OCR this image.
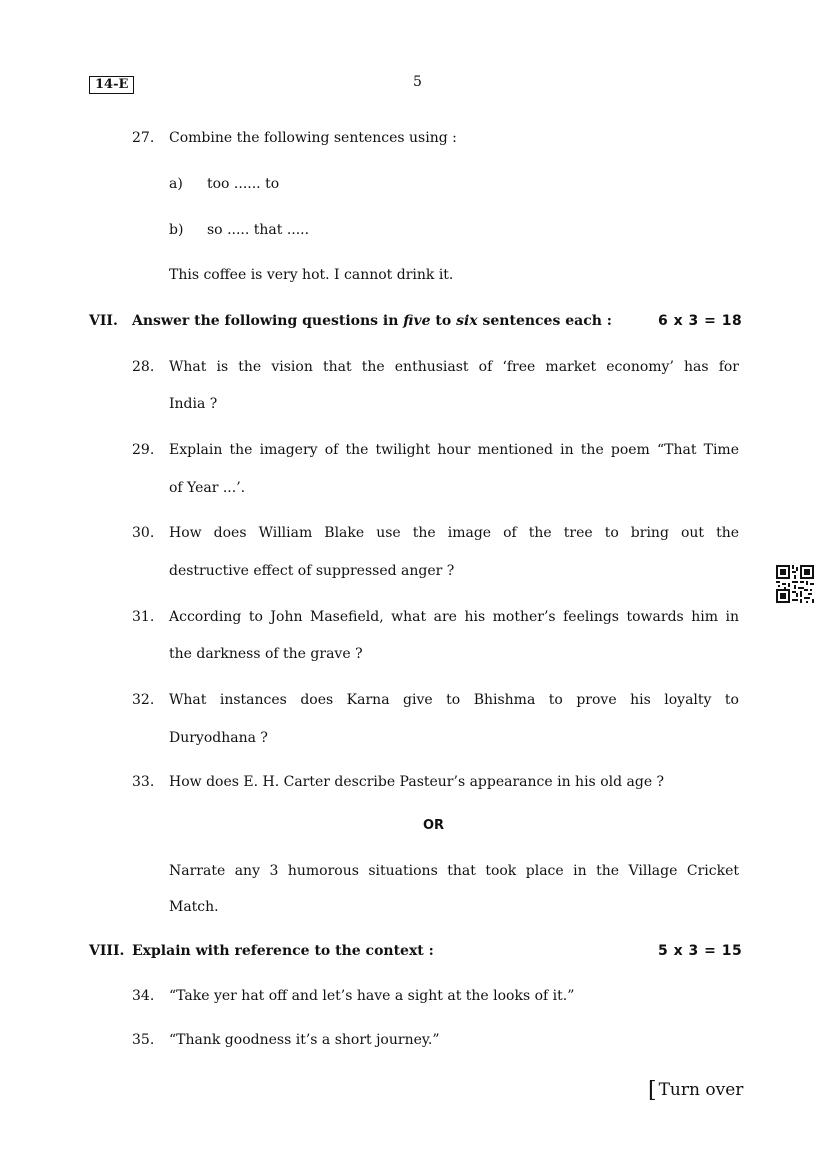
14-E	5
27. Combine the following sentences using :
a) too ...... to
b) so ..... that .....
This coffee is very hot. I cannot drink it.
VII. Answer the following questions in five to six sentences each :	6 x 3 = 18
28. What is the vision that the enthusiast of ‘free market economy’ has for
India ?
29. Explain the imagery of the twilight hour mentioned in the poem “That Time
of Year ...’.
30. How does William Blake use the image of the tree to bring out the
destructive effect of suppressed anger ?
31. According to John Masefield, what are his mother’s feelings towards him in
the darkness of the grave ?
32. What instances does Karna give to Bhishma to prove his loyalty to
Duryodhana ?
33. How does E. H. Carter describe Pasteur’s appearance in his old age ?
OR
Narrate any 3 humorous situations that took place in the Village Cricket
Match.
VIII. Explain with reference to the context :	5 x 3 = 15
34. “Take yer hat off and let’s have a sight at the looks of it.”
35. “Thank goodness it’s a short journey.”
[ Turn over
